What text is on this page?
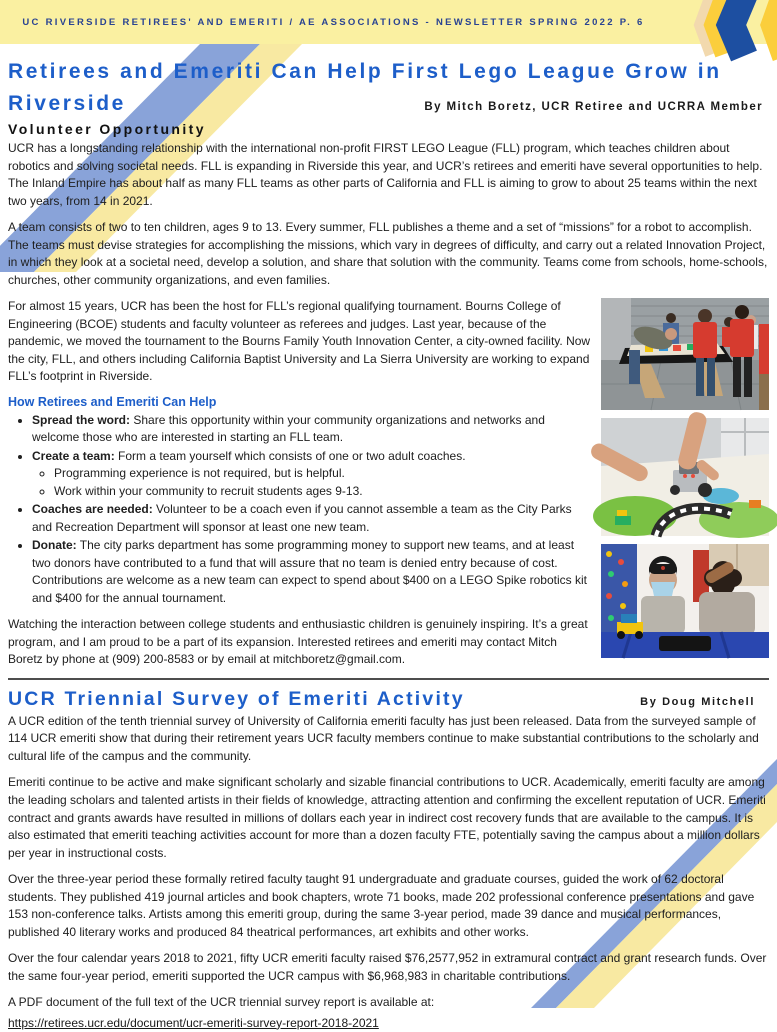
UC RIVERSIDE RETIREES' AND EMERITI / AE ASSOCIATIONS - NEWSLETTER SPRING 2022 P. 6
Retirees and Emeriti Can Help First Lego League Grow in
Riverside	By Mitch Boretz, UCR Retiree and UCRRA Member
Volunteer Opportunity

UCR has a longstanding relationship with the international non-profit FIRST LEGO League (FLL) program, which teaches children about robotics and solving societal needs. FLL is expanding in Riverside this year, and UCR’s retirees and emeriti have several opportunities to help. The Inland Empire has about half as many FLL teams as other parts of California and FLL is aiming to grow to about 25 teams within the next two years, from 14 in 2021.

A team consists of two to ten children, ages 9 to 13. Every summer, FLL publishes a theme and a set of “missions” for a robot to accomplish. The teams must devise strategies for accomplishing the missions, which vary in degrees of difficulty, and carry out a related Innovation Project, in which they look at a societal need, develop a solution, and share that solution with the community. Teams come from schools, home-schools, churches, other community organizations, and even families.

For almost 15 years, UCR has been the host for FLL’s regional qualifying tournament. Bourns College of Engineering (BCOE) students and faculty volunteer as referees and judges. Last year, because of the pandemic, we moved the tournament to the Bourns Family Youth Innovation Center, a city-owned facility. Now the city, FLL, and others including California Baptist University and La Sierra University are working to expand FLL’s footprint in Riverside.

How Retirees and Emeriti Can Help
• Spread the word: Share this opportunity within your community organizations and networks and welcome those who are interested in starting an FLL team.
• Create a team: Form a team yourself which consists of one or two adult coaches.
◦ Programming experience is not required, but is helpful.
◦ Work within your community to recruit students ages 9-13.
• Coaches are needed: Volunteer to be a coach even if you cannot assemble a team as the City Parks and Recreation Department will sponsor at least one new team.
• Donate: The city parks department has some programming money to support new teams, and at least two donors have contributed to a fund that will assure that no team is denied entry because of cost. Contributions are welcome as a new team can expect to spend about $400 on a LEGO Spike robotics kit and $400 for the annual tournament.

Watching the interaction between college students and enthusiastic children is genuinely inspiring. It’s a great program, and I am proud to be a part of its expansion. Interested retirees and emeriti may contact Mitch Boretz by phone at (909) 200-8583 or by email at mitchboretz@gmail.com.

UCR Triennial Survey of Emeriti Activity	By Doug Mitchell

A UCR edition of the tenth triennial survey of University of California emeriti faculty has just been released. Data from the surveyed sample of 114 UCR emeriti show that during their retirement years UCR faculty members continue to make substantial contributions to the scholarly and cultural life of the campus and the community.

Emeriti continue to be active and make significant scholarly and sizable financial contributions to UCR. Academically, emeriti faculty are among the leading scholars and talented artists in their fields of knowledge, attracting attention and confirming the excellent reputation of UCR. Emeriti contract and grants awards have resulted in millions of dollars each year in indirect cost recovery funds that are available to the campus. It is also estimated that emeriti teaching activities account for more than a dozen faculty FTE, potentially saving the campus about a million dollars per year in instructional costs.

Over the three-year period these formally retired faculty taught 91 undergraduate and graduate courses, guided the work of 62 doctoral students. They published 419 journal articles and book chapters, wrote 71 books, made 202 professional conference presentations and gave 153 non-conference talks. Artists among this emeriti group, during the same 3-year period, made 39 dance and musical performances, published 40 literary works and produced 84 theatrical performances, art exhibits and other works.

Over the four calendar years 2018 to 2021, fifty UCR emeriti faculty raised $76,2577,952 in extramural contract and grant research funds. Over the same four-year period, emeriti supported the UCR campus with $6,968,983 in charitable contributions.

A PDF document of the full text of the UCR triennial survey report is available at:

https://retirees.ucr.edu/document/ucr-emeriti-survey-report-2018-2021
